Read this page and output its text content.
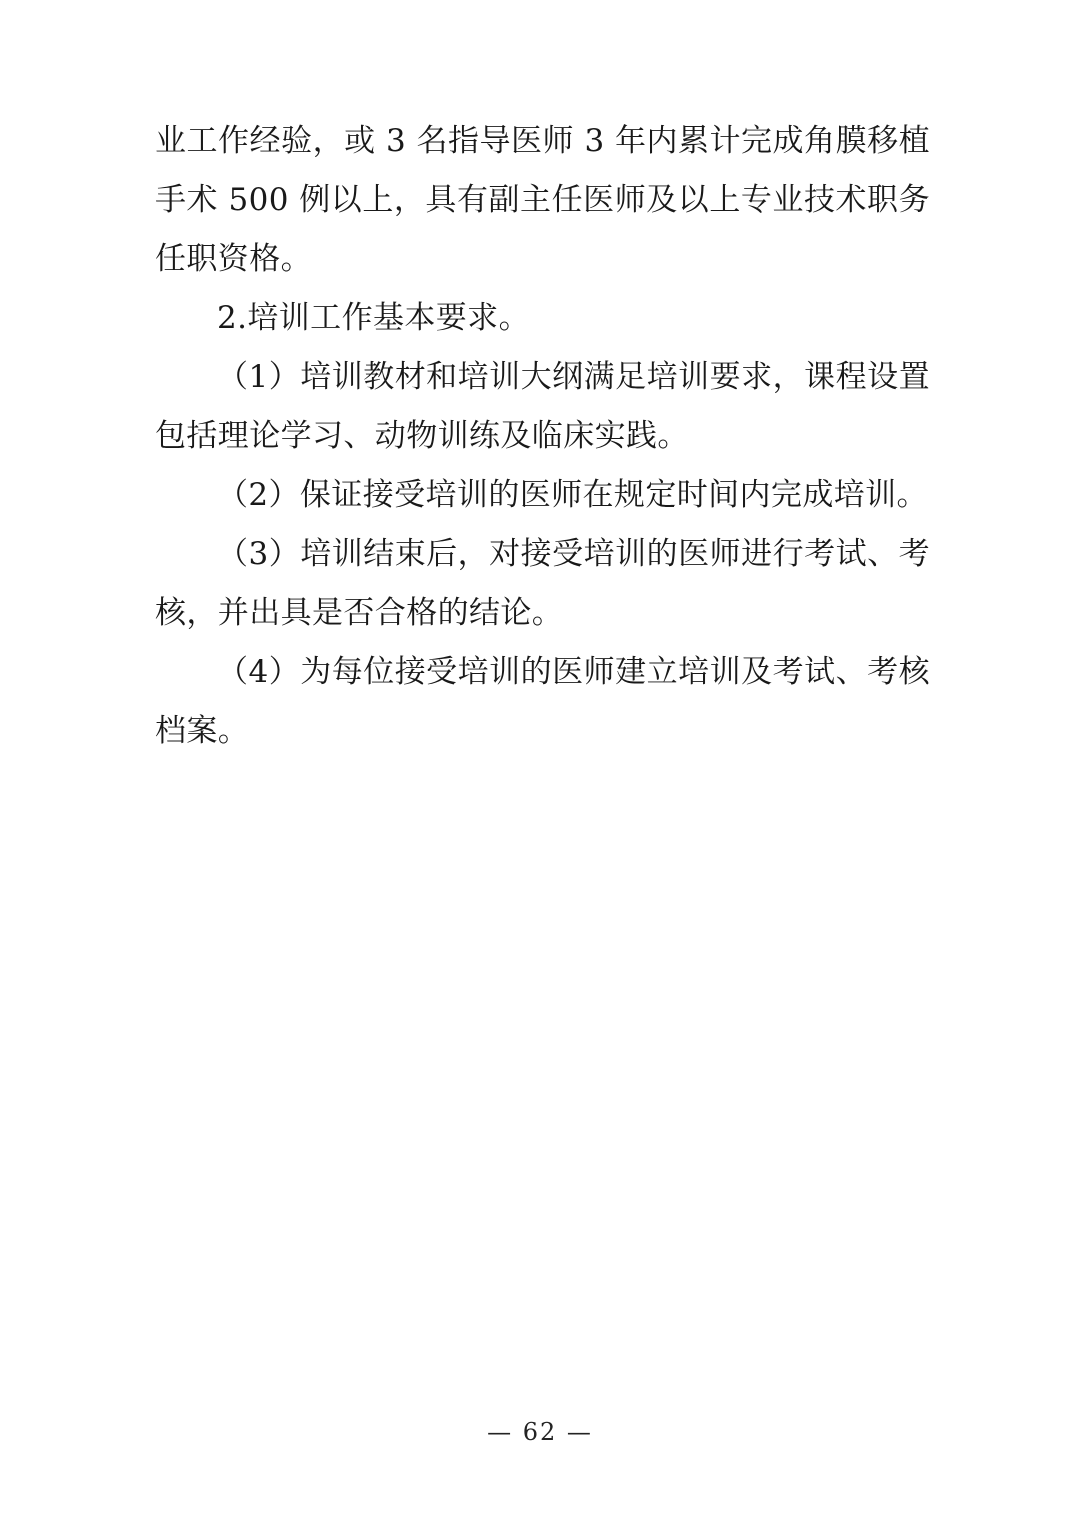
业工作经验，或 3 名指导医师 3 年内累计完成角膜移植手术 500 例以上，具有副主任医师及以上专业技术职务任职资格。

2.培训工作基本要求。

（1）培训教材和培训大纲满足培训要求，课程设置包括理论学习、动物训练及临床实践。

（2）保证接受培训的医师在规定时间内完成培训。

（3）培训结束后，对接受培训的医师进行考试、考核，并出具是否合格的结论。

（4）为每位接受培训的医师建立培训及考试、考核档案。

— 62 —
